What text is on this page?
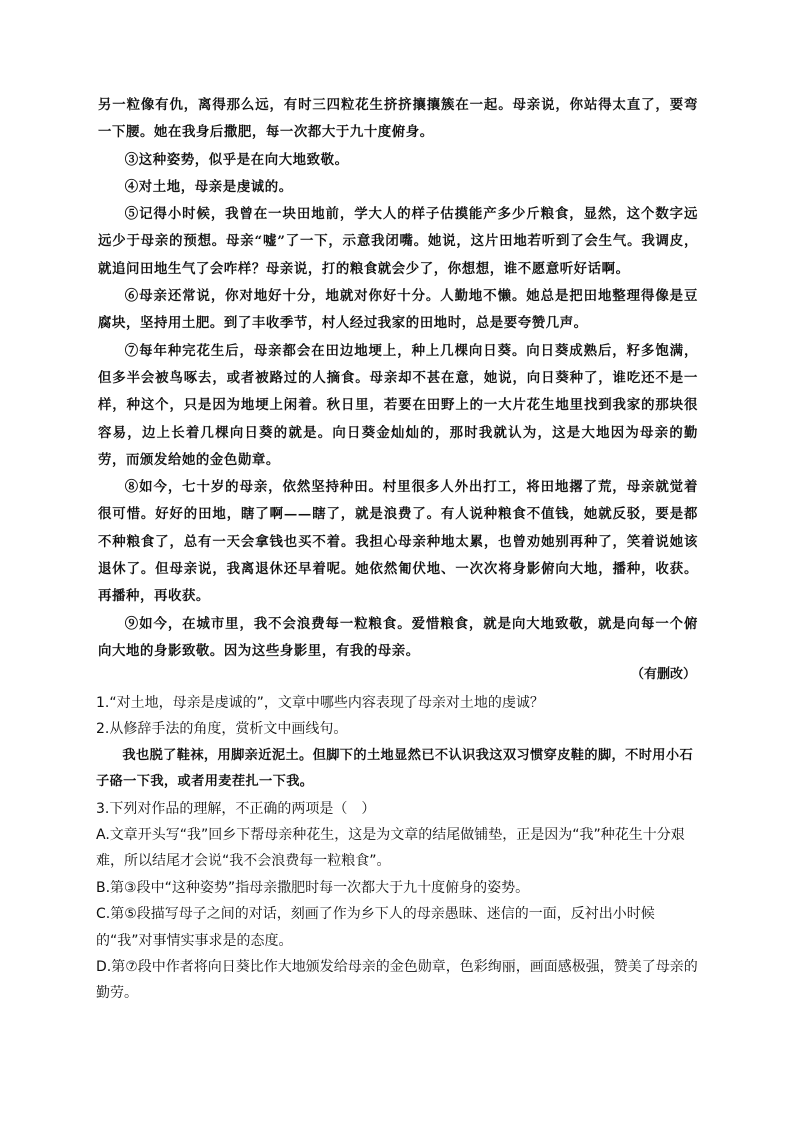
另一粒像有仇，离得那么远，有时三四粒花生挤挤攘攘簇在一起。母亲说，你站得太直了，要弯一下腰。她在我身后撒肥，每一次都大于九十度俯身。

③这种姿势，似乎是在向大地致敬。

④对土地，母亲是虔诚的。

⑤记得小时候，我曾在一块田地前，学大人的样子估摸能产多少斤粮食，显然，这个数字远远少于母亲的预想。母亲“嘘”了一下，示意我闭嘴。她说，这片田地若听到了会生气。我调皮，就追问田地生气了会咋样？母亲说，打的粮食就会少了，你想想，谁不愿意听好话啊。

⑥母亲还常说，你对地好十分，地就对你好十分。人勤地不懒。她总是把田地整理得像是豆腐块，坚持用土肥。到了丰收季节，村人经过我家的田地时，总是要夸赞几声。

⑦每年种完花生后，母亲都会在田边地埂上，种上几棵向日葵。向日葵成熟后，籽多饱满，但多半会被鸟啄去，或者被路过的人摘食。母亲却不甚在意，她说，向日葵种了，谁吃还不是一样，种这个，只是因为地埂上闲着。秋日里，若要在田野上的一大片花生地里找到我家的那块很容易，边上长着几棵向日葵的就是。向日葵金灿灿的，那时我就认为，这是大地因为母亲的勤劳，而颁发给她的金色勋章。

⑧如今，七十岁的母亲，依然坚持种田。村里很多人外出打工，将田地撂了荒，母亲就觉着很可惜。好好的田地，瞎了啊——瞎了，就是浪费了。有人说种粮食不值钱，她就反驳，要是都不种粮食了，总有一天会拿钱也买不着。我担心母亲种地太累，也曾劝她别再种了，笑着说她该退休了。但母亲说，我离退休还早着呢。她依然匍伏地、一次次将身影俯向大地，播种，收获。再播种，再收获。

⑨如今，在城市里，我不会浪费每一粒粮食。爱惜粮食，就是向大地致敬，就是向每一个俯向大地的身影致敬。因为这些身影里，有我的母亲。

（有删改）

1.“对土地，母亲是虔诚的”，文章中哪些内容表现了母亲对土地的虔诚？

2.从修辞手法的角度，赏析文中画线句。

我也脱了鞋袜，用脚亲近泥土。但脚下的土地显然已不认识我这双习惯穿皮鞋的脚，不时用小石子硌一下我，或者用麦茬扎一下我。

3.下列对作品的理解，不正确的两项是（　）

A.文章开头写“我”回乡下帮母亲种花生，这是为文章的结尾做铺垫，正是因为“我”种花生十分艰难，所以结尾才会说“我不会浪费每一粒粮食”。

B.第③段中“这种姿势”指母亲撒肥时每一次都大于九十度俯身的姿势。

C.第⑤段描写母子之间的对话，刻画了作为乡下人的母亲愚昧、迷信的一面，反衬出小时候的“我”对事情实事求是的态度。

D.第⑦段中作者将向日葵比作大地颁发给母亲的金色勋章，色彩绚丽，画面感极强，赞美了母亲的勤劳。
